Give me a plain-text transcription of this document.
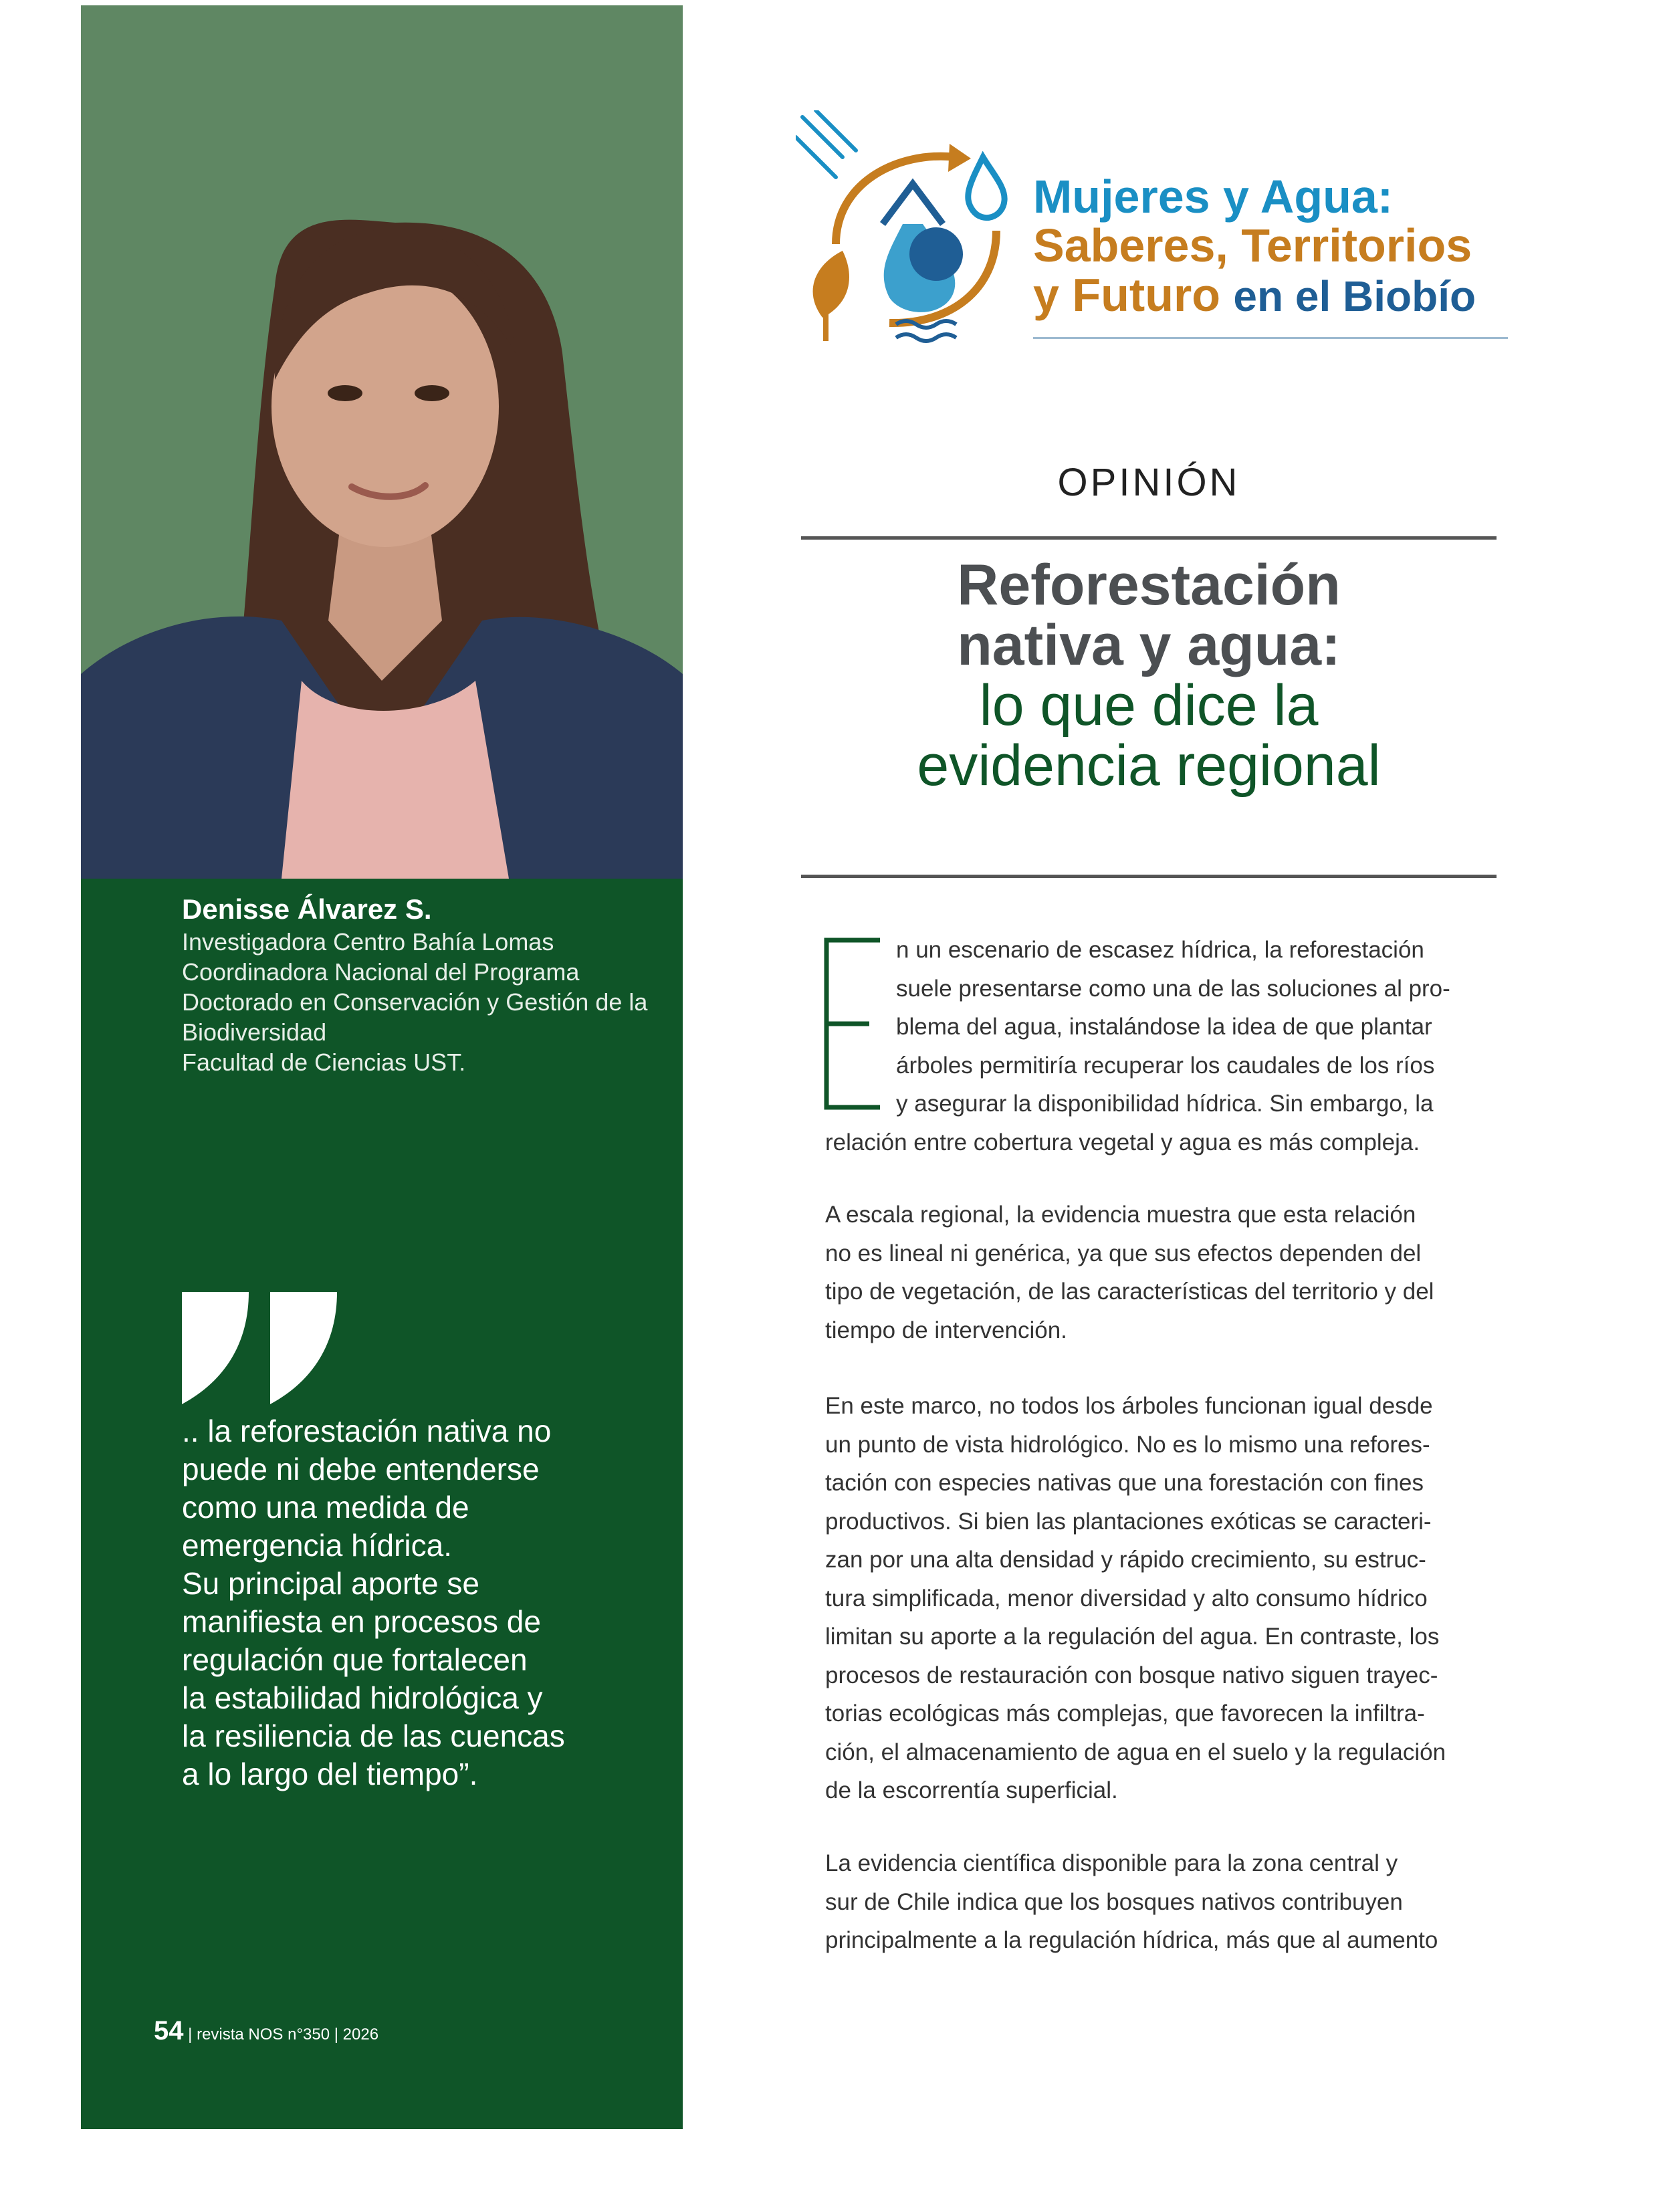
Denisse Álvarez S.
Investigadora Centro Bahía Lomas
Coordinadora Nacional del Programa
Doctorado en Conservación y Gestión de la
Biodiversidad
Facultad de Ciencias UST.
.. la reforestación nativa no
puede ni debe entenderse
como una medida de
emergencia hídrica.
Su principal aporte se
manifiesta en procesos de
regulación que fortalecen
la estabilidad hidrológica y
la resiliencia de las cuencas
a lo largo del tiempo”.
54 | revista NOS n°350 | 2026
Mujeres y Agua:
Saberes, Territorios
y Futuro en el Biobío
OPINIÓN
Reforestación
nativa y agua:
lo que dice la
evidencia regional
n un escenario de escasez hídrica, la reforestación
suele presentarse como una de las soluciones al pro-
blema del agua, instalándose la idea de que plantar
árboles permitiría recuperar los caudales de los ríos
y asegurar la disponibilidad hídrica. Sin embargo, la
relación entre cobertura vegetal y agua es más compleja.
A escala regional, la evidencia muestra que esta relación
no es lineal ni genérica, ya que sus efectos dependen del
tipo de vegetación, de las características del territorio y del
tiempo de intervención.
En este marco, no todos los árboles funcionan igual desde
un punto de vista hidrológico. No es lo mismo una refores-
tación con especies nativas que una forestación con fines
productivos. Si bien las plantaciones exóticas se caracteri-
zan por una alta densidad y rápido crecimiento, su estruc-
tura simplificada, menor diversidad y alto consumo hídrico
limitan su aporte a la regulación del agua. En contraste, los
procesos de restauración con bosque nativo siguen trayec-
torias ecológicas más complejas, que favorecen la infiltra-
ción, el almacenamiento de agua en el suelo y la regulación
de la escorrentía superficial.
La evidencia científica disponible para la zona central y
sur de Chile indica que los bosques nativos contribuyen
principalmente a la regulación hídrica, más que al aumento
